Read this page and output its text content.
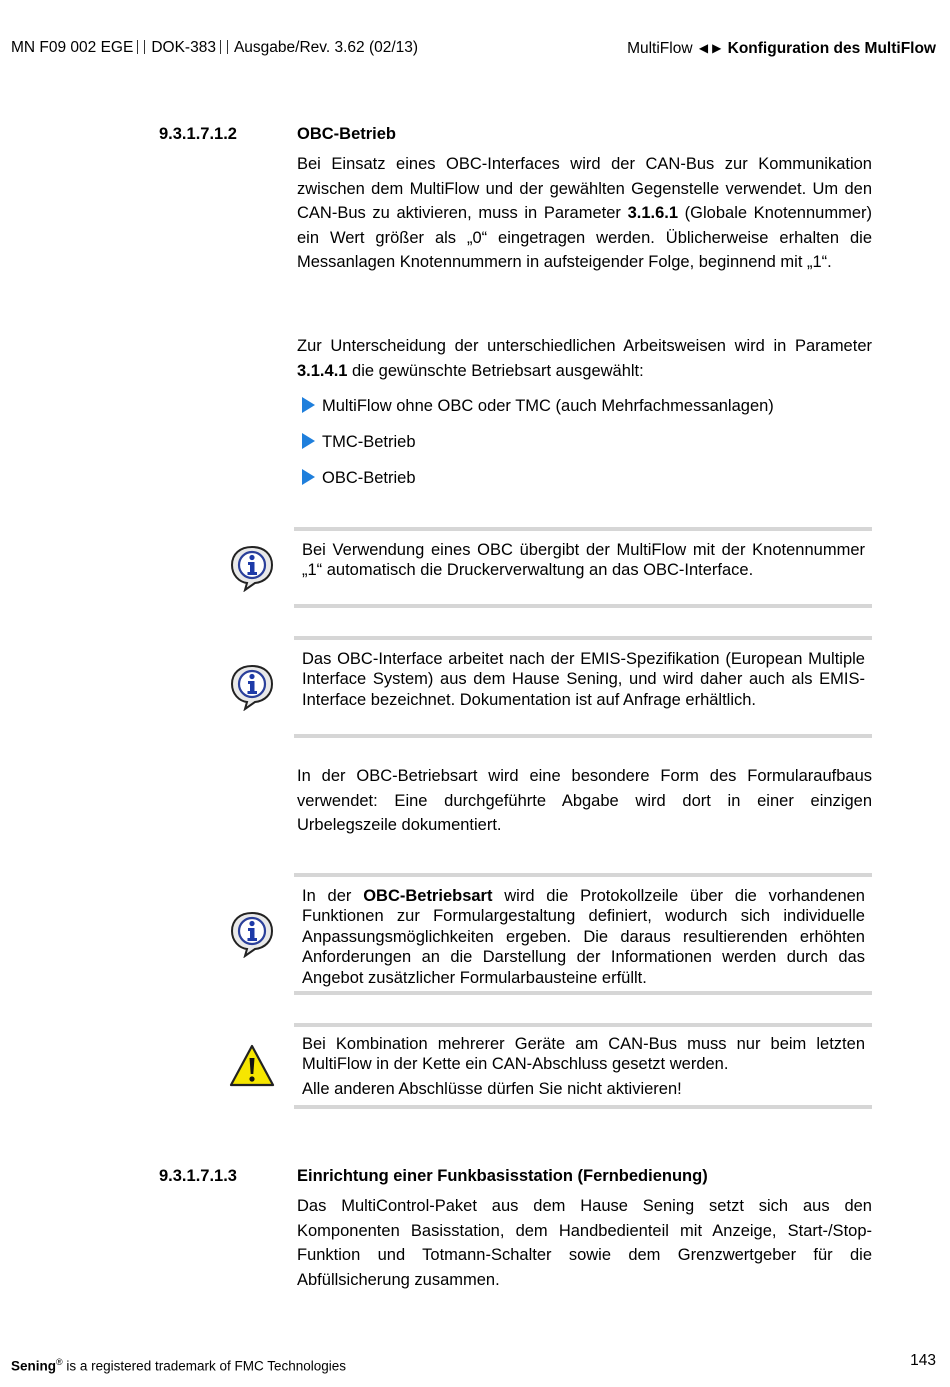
MN F09 002 EGE DOK-383 Ausgabe/Rev. 3.62 (02/13)	MultiFlow ◀ ▶ Konfiguration des MultiFlow
9.3.1.7.1.2	OBC-Betrieb
Bei Einsatz eines OBC-Interfaces wird der CAN-Bus zur Kommunikation zwischen dem MultiFlow und der gewählten Gegenstelle verwendet. Um den CAN-Bus zu aktivieren, muss in Parameter 3.1.6.1 (Globale Knotennummer) ein Wert größer als „0“ eingetragen werden. Üblicherweise erhalten die Messanlagen Knotennummern in aufsteigender Folge, beginnend mit „1“.
Zur Unterscheidung der unterschiedlichen Arbeitsweisen wird in Parameter 3.1.4.1 die gewünschte Betriebsart ausgewählt:
MultiFlow ohne OBC oder TMC (auch Mehrfachmessanlagen)
TMC-Betrieb
OBC-Betrieb
Bei Verwendung eines OBC übergibt der MultiFlow mit der Knotennummer „1“ automatisch die Druckerverwaltung an das OBC-Interface.
Das OBC-Interface arbeitet nach der EMIS-Spezifikation (European Multiple Interface System) aus dem Hause Sening, und wird daher auch als EMIS-Interface bezeichnet. Dokumentation ist auf Anfrage erhältlich.
In der OBC-Betriebsart wird eine besondere Form des Formularaufbaus verwendet: Eine durchgeführte Abgabe wird dort in einer einzigen Urbelegszeile dokumentiert.
In der OBC-Betriebsart wird die Protokollzeile über die vorhandenen Funktionen zur Formulargestaltung definiert, wodurch sich individuelle Anpassungsmöglichkeiten ergeben. Die daraus resultierenden erhöhten Anforderungen an die Darstellung der Informationen werden durch das Angebot zusätzlicher Formularbausteine erfüllt.
Bei Kombination mehrerer Geräte am CAN-Bus muss nur beim letzten MultiFlow in der Kette ein CAN-Abschluss gesetzt werden.
Alle anderen Abschlüsse dürfen Sie nicht aktivieren!
9.3.1.7.1.3	Einrichtung einer Funkbasisstation (Fernbedienung)
Das MultiControl-Paket aus dem Hause Sening setzt sich aus den Komponenten Basisstation, dem Handbedienteil mit Anzeige, Start-/Stop-Funktion und Totmann-Schalter sowie dem Grenzwertgeber für die Abfüllsicherung zusammen.
Sening® is a registered trademark of FMC Technologies	143
